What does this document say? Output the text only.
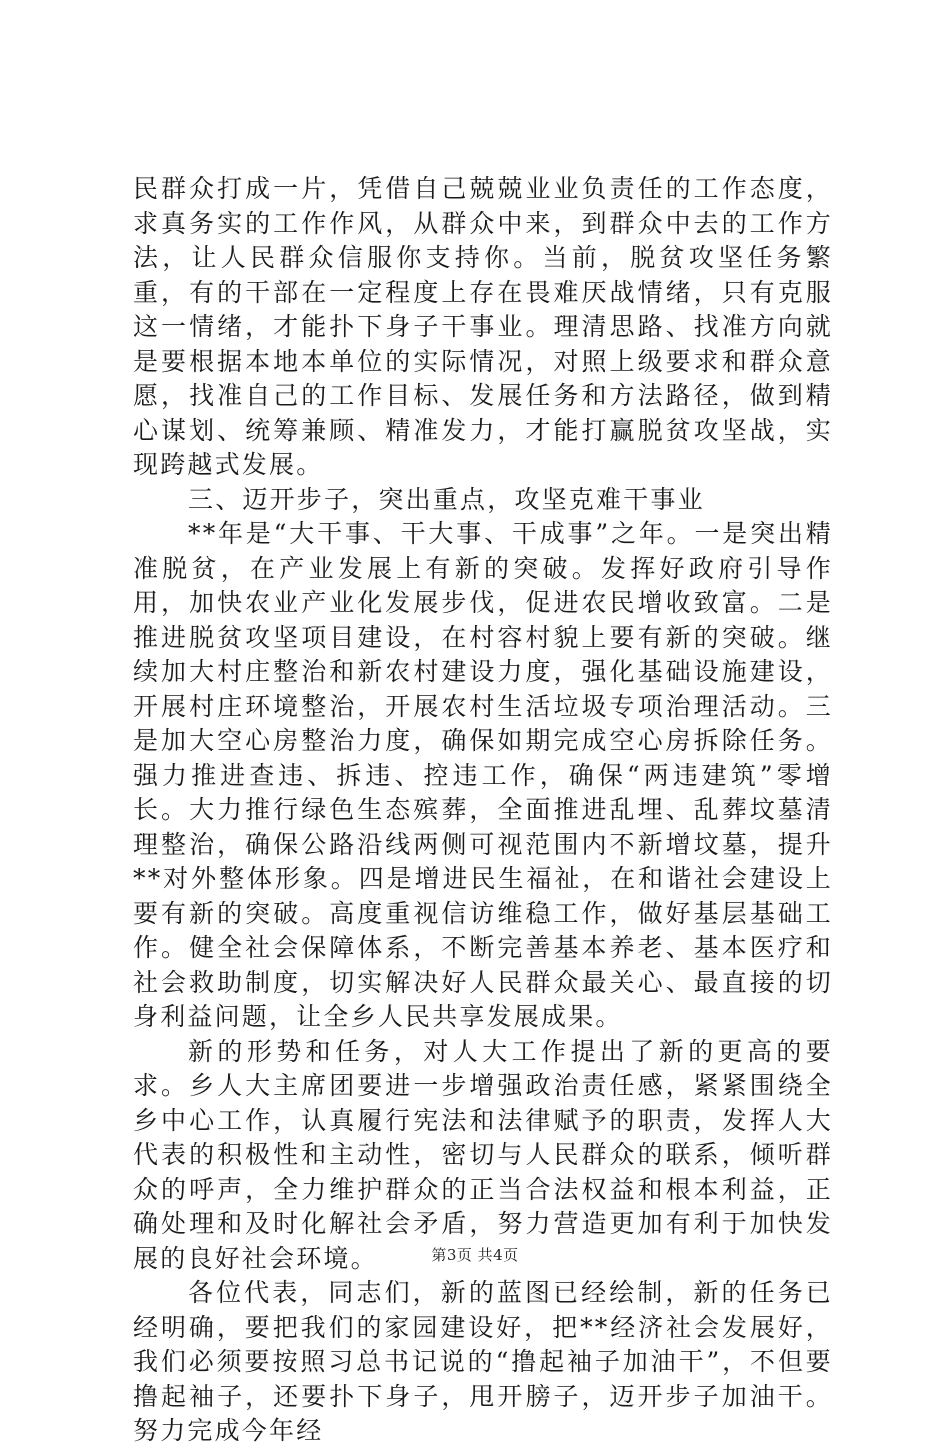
民群众打成一片，凭借自己兢兢业业负责任的工作态度，求真务实的工作作风，从群众中来，到群众中去的工作方法，让人民群众信服你支持你。当前，脱贫攻坚任务繁重，有的干部在一定程度上存在畏难厌战情绪，只有克服这一情绪，才能扑下身子干事业。理清思路、找准方向就是要根据本地本单位的实际情况，对照上级要求和群众意愿，找准自己的工作目标、发展任务和方法路径，做到精心谋划、统筹兼顾、精准发力，才能打赢脱贫攻坚战，实现跨越式发展。

三、迈开步子，突出重点，攻坚克难干事业

**年是“大干事、干大事、干成事”之年。一是突出精准脱贫，在产业发展上有新的突破。发挥好政府引导作用，加快农业产业化发展步伐，促进农民增收致富。二是推进脱贫攻坚项目建设，在村容村貌上要有新的突破。继续加大村庄整治和新农村建设力度，强化基础设施建设，开展村庄环境整治，开展农村生活垃圾专项治理活动。三是加大空心房整治力度，确保如期完成空心房拆除任务。强力推进查违、拆违、控违工作，确保“两违建筑”零增长。大力推行绿色生态殡葬，全面推进乱埋、乱葬坟墓清理整治，确保公路沿线两侧可视范围内不新增坟墓，提升**对外整体形象。四是增进民生福祉，在和谐社会建设上要有新的突破。高度重视信访维稳工作，做好基层基础工作。健全社会保障体系，不断完善基本养老、基本医疗和社会救助制度，切实解决好人民群众最关心、最直接的切身利益问题，让全乡人民共享发展成果。

新的形势和任务，对人大工作提出了新的更高的要求。乡人大主席团要进一步增强政治责任感，紧紧围绕全乡中心工作，认真履行宪法和法律赋予的职责，发挥人大代表的积极性和主动性，密切与人民群众的联系，倾听群众的呼声，全力维护群众的正当合法权益和根本利益，正确处理和及时化解社会矛盾，努力营造更加有利于加快发展的良好社会环境。

各位代表，同志们，新的蓝图已经绘制，新的任务已经明确，要把我们的家园建设好，把**经济社会发展好，我们必须要按照习总书记说的“撸起袖子加油干”，不但要撸起袖子，还要扑下身子，甩开膀子，迈开步子加油干。努力完成今年经

第3页 共4页
